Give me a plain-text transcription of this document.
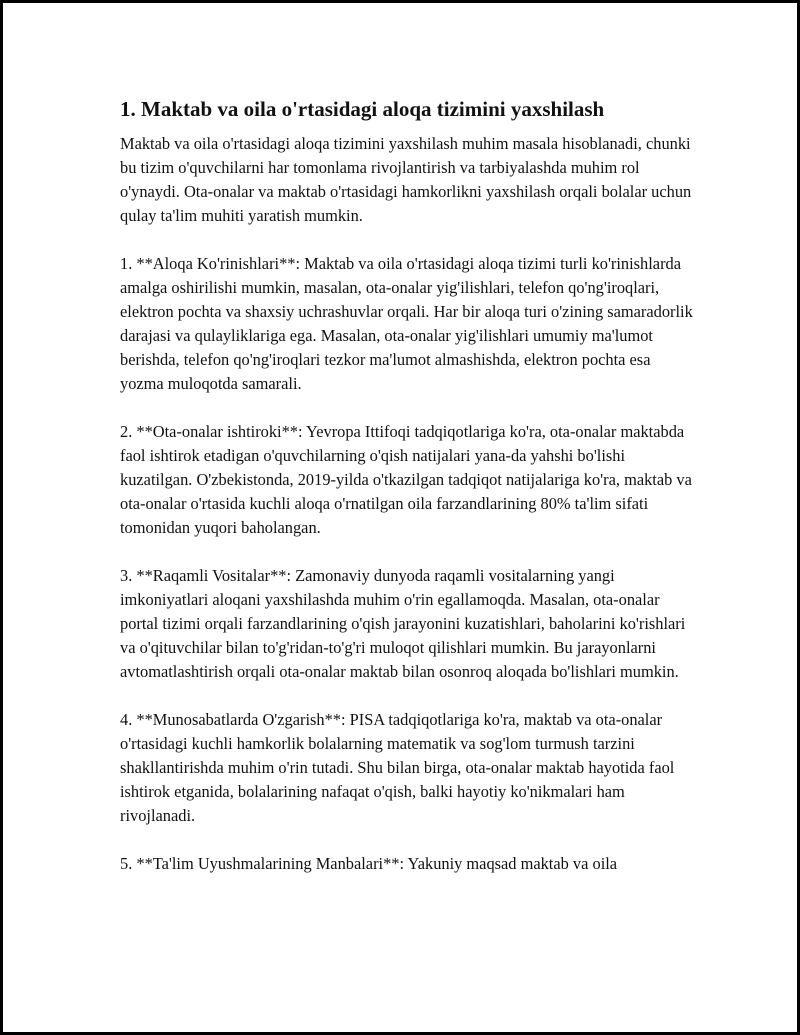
1. Maktab va oila o'rtasidagi aloqa tizimini yaxshilash

Maktab va oila o'rtasidagi aloqa tizimini yaxshilash muhim masala hisoblanadi, chunki bu tizim o'quvchilarni har tomonlama rivojlantirish va tarbiyalashda muhim rol o'ynaydi. Ota-onalar va maktab o'rtasidagi hamkorlikni yaxshilash orqali bolalar uchun qulay ta'lim muhiti yaratish mumkin.

1. **Aloqa Ko'rinishlari**: Maktab va oila o'rtasidagi aloqa tizimi turli ko'rinishlarda amalga oshirilishi mumkin, masalan, ota-onalar yig'ilishlari, telefon qo'ng'iroqlari, elektron pochta va shaxsiy uchrashuvlar orqali. Har bir aloqa turi o'zining samaradorlik darajasi va qulayliklariga ega. Masalan, ota-onalar yig'ilishlari umumiy ma'lumot berishda, telefon qo'ng'iroqlari tezkor ma'lumot almashishda, elektron pochta esa yozma muloqotda samarali.

2. **Ota-onalar ishtiroki**: Yevropa Ittifoqi tadqiqotlariga ko'ra, ota-onalar maktabda faol ishtirok etadigan o'quvchilarning o'qish natijalari yana-da yahshi bo'lishi kuzatilgan. O'zbekistonda, 2019-yilda o'tkazilgan tadqiqot natijalariga ko'ra, maktab va ota-onalar o'rtasida kuchli aloqa o'rnatilgan oila farzandlarining 80% ta'lim sifati tomonidan yuqori baholangan.

3. **Raqamli Vositalar**: Zamonaviy dunyoda raqamli vositalarning yangi imkoniyatlari aloqani yaxshilashda muhim o'rin egallamoqda. Masalan, ota-onalar portal tizimi orqali farzandlarining o'qish jarayonini kuzatishlari, baholarini ko'rishlari va o'qituvchilar bilan to'g'ridan-to'g'ri muloqot qilishlari mumkin. Bu jarayonlarni avtomatlashtirish orqali ota-onalar maktab bilan osonroq aloqada bo'lishlari mumkin.

4. **Munosabatlarda O'zgarish**: PISA tadqiqotlariga ko'ra, maktab va ota-onalar o'rtasidagi kuchli hamkorlik bolalarning matematik va sog'lom turmush tarzini shakllantirishda muhim o'rin tutadi. Shu bilan birga, ota-onalar maktab hayotida faol ishtirok etganida, bolalarining nafaqat o'qish, balki hayotiy ko'nikmalari ham rivojlanadi.

5. **Ta'lim Uyushmalarining Manbalari**: Yakuniy maqsad maktab va oila
